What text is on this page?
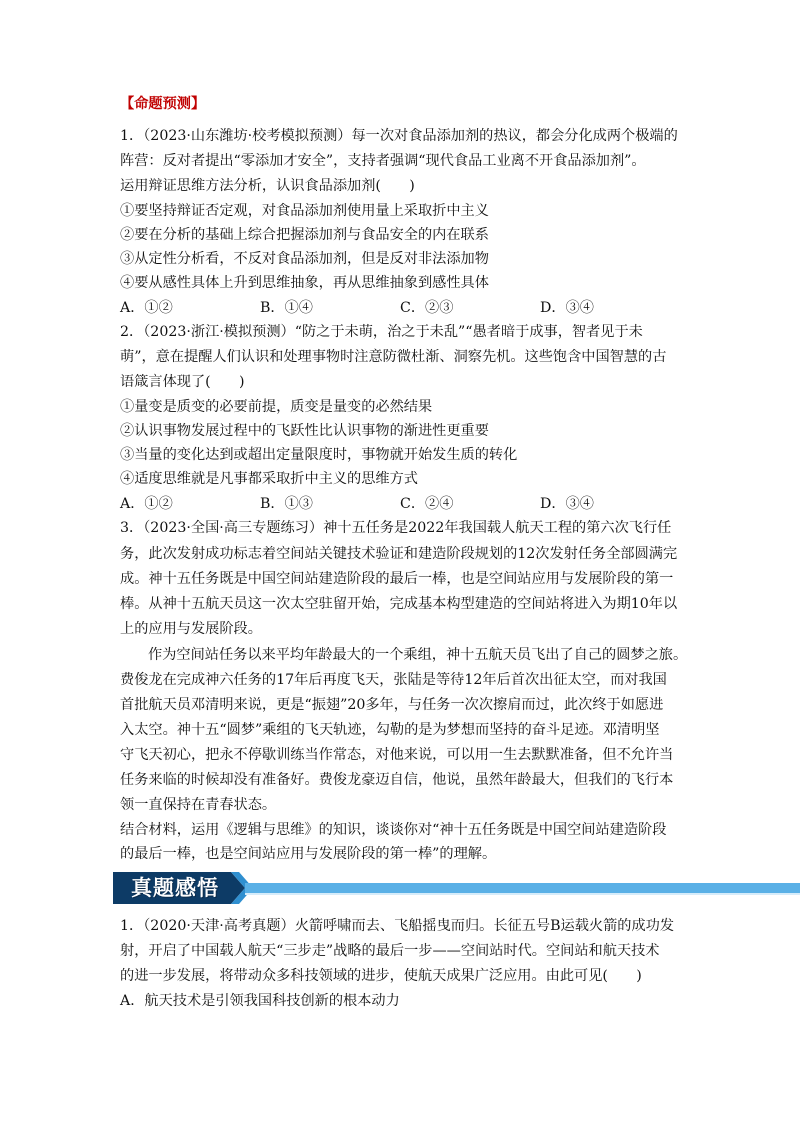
【命题预测】
1．（2023·山东潍坊·校考模拟预测）每一次对食品添加剂的热议，都会分化成两个极端的
阵营：反对者提出“零添加才安全”，支持者强调“现代食品工业离不开食品添加剂”。
运用辩证思维方法分析，认识食品添加剂(　　)
①要坚持辩证否定观，对食品添加剂使用量上采取折中主义
②要在分析的基础上综合把握添加剂与食品安全的内在联系
③从定性分析看，不反对食品添加剂，但是反对非法添加物
④要从感性具体上升到思维抽象，再从思维抽象到感性具体
A．①②	B．①④	C．②③	D．③④
2．（2023·浙江·模拟预测）“防之于未萌，治之于未乱”“愚者暗于成事，智者见于未
萌”，意在提醒人们认识和处理事物时注意防微杜渐、洞察先机。这些饱含中国智慧的古
语箴言体现了(　　)
①量变是质变的必要前提，质变是量变的必然结果
②认识事物发展过程中的飞跃性比认识事物的渐进性更重要
③当量的变化达到或超出定量限度时，事物就开始发生质的转化
④适度思维就是凡事都采取折中主义的思维方式
A．①②	B．①③	C．②④	D．③④
3．（2023·全国·高三专题练习）神十五任务是2022年我国载人航天工程的第六次飞行任
务，此次发射成功标志着空间站关键技术验证和建造阶段规划的12次发射任务全部圆满完
成。神十五任务既是中国空间站建造阶段的最后一棒，也是空间站应用与发展阶段的第一
棒。从神十五航天员这一次太空驻留开始，完成基本构型建造的空间站将进入为期10年以
上的应用与发展阶段。
作为空间站任务以来平均年龄最大的一个乘组，神十五航天员飞出了自己的圆梦之旅。
费俊龙在完成神六任务的17年后再度飞天，张陆是等待12年后首次出征太空，而对我国
首批航天员邓清明来说，更是“振翅”20多年，与任务一次次擦肩而过，此次终于如愿进
入太空。神十五“圆梦”乘组的飞天轨迹，勾勒的是为梦想而坚持的奋斗足迹。邓清明坚
守飞天初心，把永不停歇训练当作常态，对他来说，可以用一生去默默准备，但不允许当
任务来临的时候却没有准备好。费俊龙豪迈自信，他说，虽然年龄最大，但我们的飞行本
领一直保持在青春状态。
结合材料，运用《逻辑与思维》的知识，谈谈你对“神十五任务既是中国空间站建造阶段
的最后一棒，也是空间站应用与发展阶段的第一棒”的理解。
真题感悟
1．（2020·天津·高考真题）火箭呼啸而去、飞船摇曳而归。长征五号B运载火箭的成功发
射，开启了中国载人航天“三步走”战略的最后一步——空间站时代。空间站和航天技术
的进一步发展，将带动众多科技领域的进步，使航天成果广泛应用。由此可见(　　)
A．航天技术是引领我国科技创新的根本动力
